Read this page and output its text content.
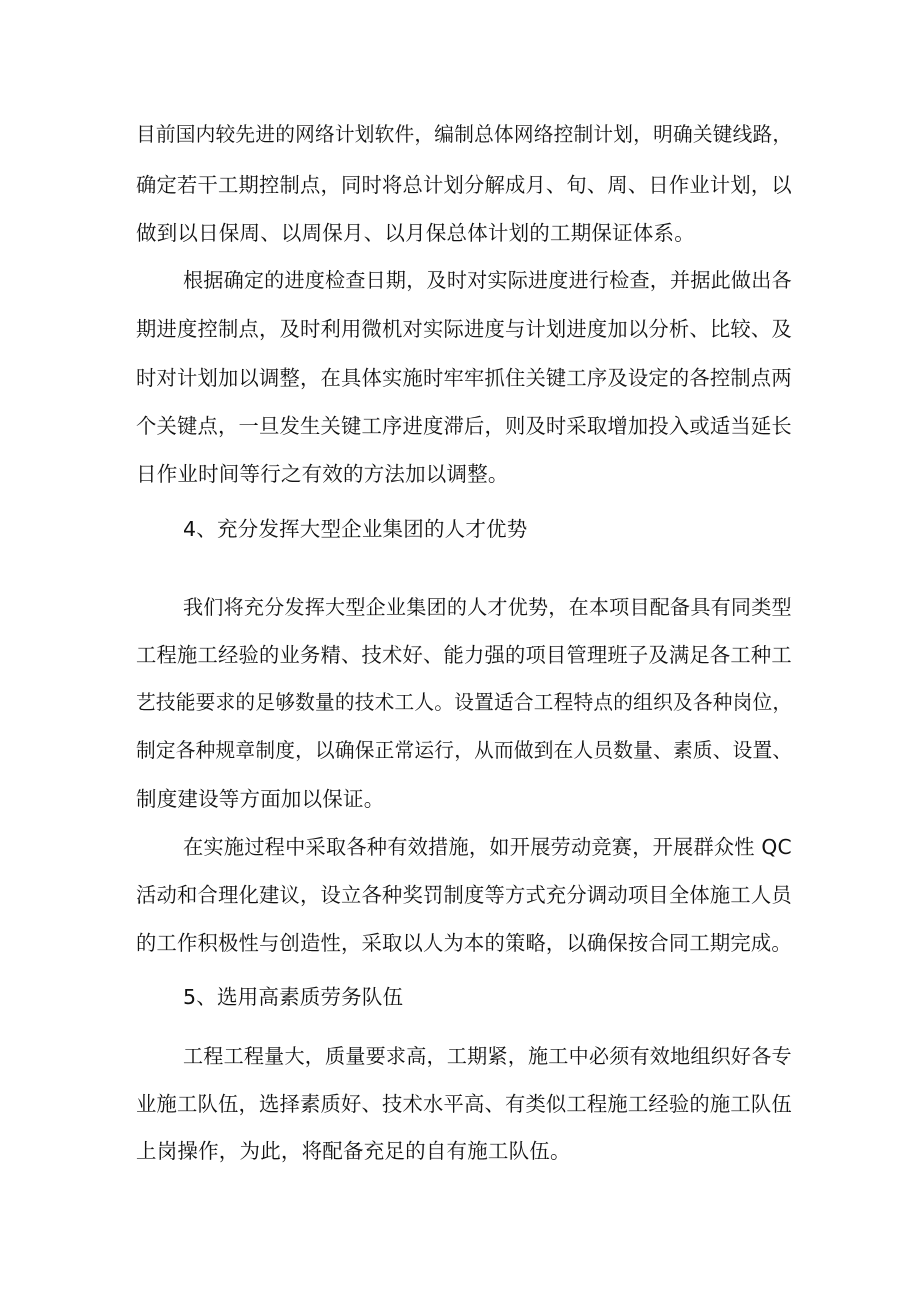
目前国内较先进的网络计划软件，编制总体网络控制计划，明确关键线路，
确定若干工期控制点，同时将总计划分解成月、旬、周、日作业计划，以
做到以日保周、以周保月、以月保总体计划的工期保证体系。
根据确定的进度检查日期，及时对实际进度进行检查，并据此做出各
期进度控制点，及时利用微机对实际进度与计划进度加以分析、比较、及
时对计划加以调整，在具体实施时牢牢抓住关键工序及设定的各控制点两
个关键点，一旦发生关键工序进度滞后，则及时采取增加投入或适当延长
日作业时间等行之有效的方法加以调整。
4、充分发挥大型企业集团的人才优势
我们将充分发挥大型企业集团的人才优势，在本项目配备具有同类型
工程施工经验的业务精、技术好、能力强的项目管理班子及满足各工种工
艺技能要求的足够数量的技术工人。设置适合工程特点的组织及各种岗位，
制定各种规章制度，以确保正常运行，从而做到在人员数量、素质、设置、
制度建设等方面加以保证。
在实施过程中采取各种有效措施，如开展劳动竞赛，开展群众性 QC
活动和合理化建议，设立各种奖罚制度等方式充分调动项目全体施工人员
的工作积极性与创造性，采取以人为本的策略，以确保按合同工期完成。
5、选用高素质劳务队伍
工程工程量大，质量要求高，工期紧，施工中必须有效地组织好各专
业施工队伍，选择素质好、技术水平高、有类似工程施工经验的施工队伍
上岗操作，为此，将配备充足的自有施工队伍。
